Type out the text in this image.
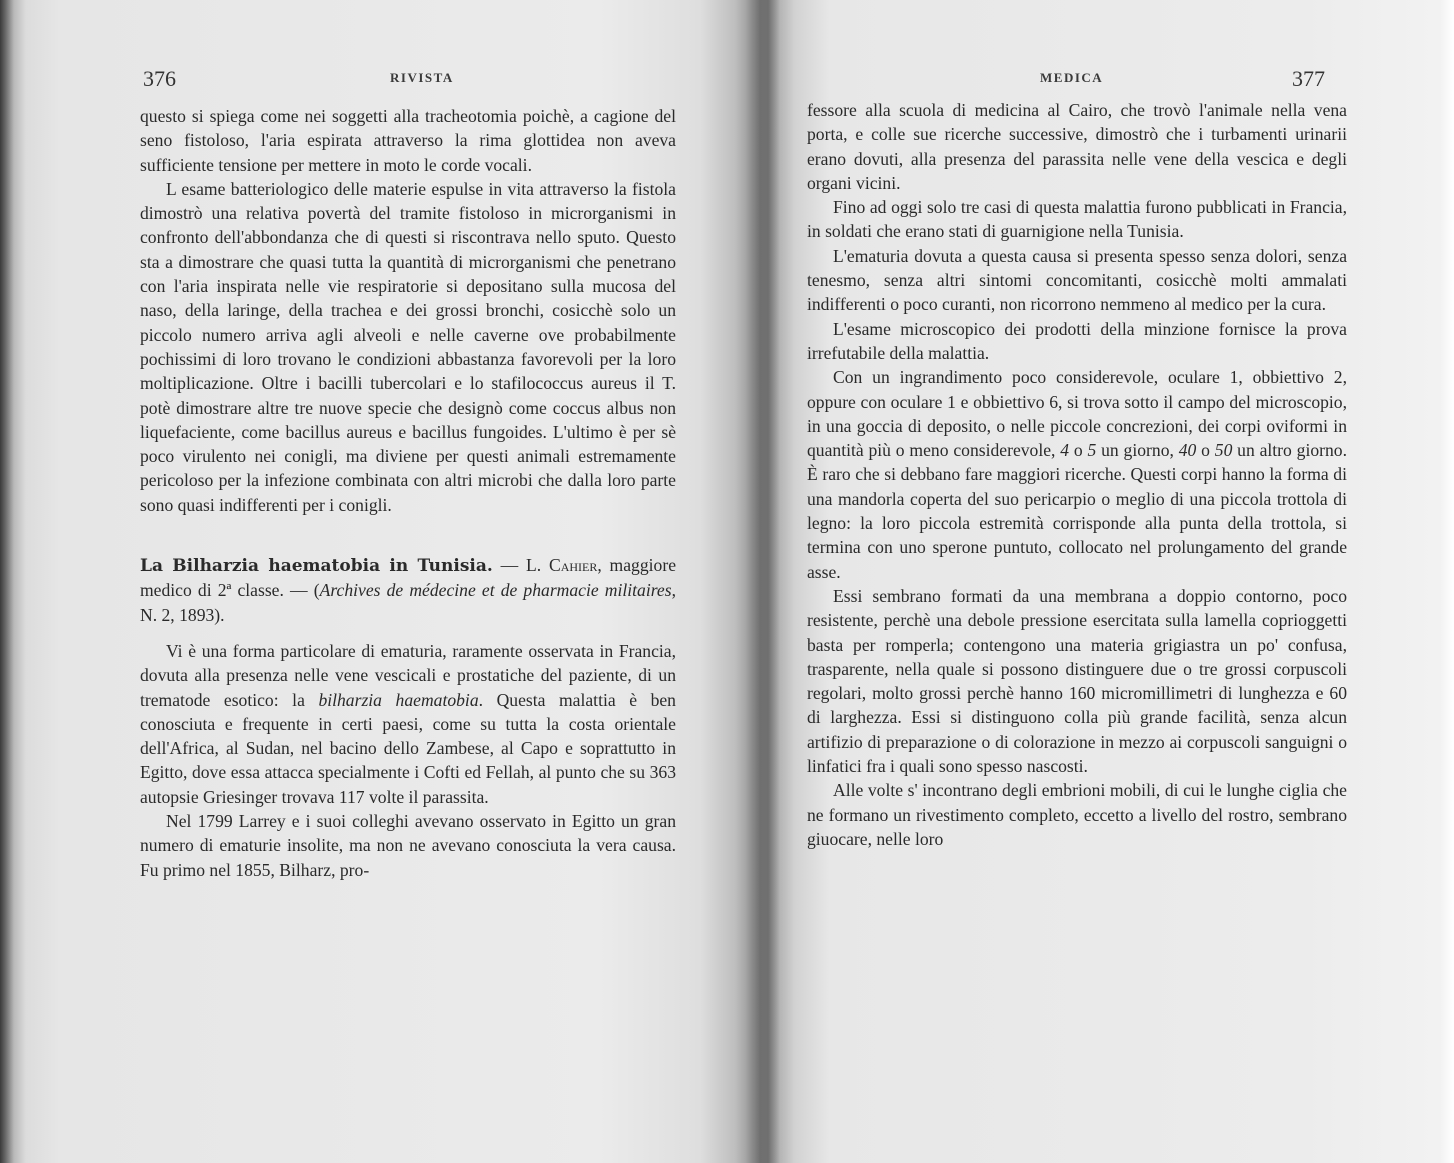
376	RIVISTA

questo si spiega come nei soggetti alla tracheotomia poichè, a cagione del seno fistoloso, l'aria espirata attraverso la rima glottidea non aveva sufficiente tensione per mettere in moto le corde vocali.

L esame batteriologico delle materie espulse in vita attraverso la fistola dimostrò una relativa povertà del tramite fistoloso in microrganismi in confronto dell'abbondanza che di questi si riscontrava nello sputo. Questo sta a dimostrare che quasi tutta la quantità di microrganismi che penetrano con l'aria inspirata nelle vie respiratorie si depositano sulla mucosa del naso, della laringe, della trachea e dei grossi bronchi, cosicchè solo un piccolo numero arriva agli alveoli e nelle caverne ove probabilmente pochissimi di loro trovano le condizioni abbastanza favorevoli per la loro moltiplicazione. Oltre i bacilli tubercolari e lo stafilococcus aureus il T. potè dimostrare altre tre nuove specie che designò come coccus albus non liquefaciente, come bacillus aureus e bacillus fungoides. L'ultimo è per sè poco virulento nei conigli, ma diviene per questi animali estremamente pericoloso per la infezione combinata con altri microbi che dalla loro parte sono quasi indifferenti per i conigli.

La Bilharzia haematobia in Tunisia. — L. Cahier, maggiore medico di 2ª classe. — (Archives de médecine et de pharmacie militaires, N. 2, 1893).

Vi è una forma particolare di ematuria, raramente osservata in Francia, dovuta alla presenza nelle vene vescicali e prostatiche del paziente, di un trematode esotico: la bilharzia haematobia. Questa malattia è ben conosciuta e frequente in certi paesi, come su tutta la costa orientale dell'Africa, al Sudan, nel bacino dello Zambese, al Capo e soprattutto in Egitto, dove essa attacca specialmente i Cofti ed Fellah, al punto che su 363 autopsie Griesinger trovava 117 volte il parassita.

Nel 1799 Larrey e i suoi colleghi avevano osservato in Egitto un gran numero di ematurie insolite, ma non ne avevano conosciuta la vera causa. Fu primo nel 1855, Bilharz, pro-

MEDICA	377

fessore alla scuola di medicina al Cairo, che trovò l'animale nella vena porta, e colle sue ricerche successive, dimostrò che i turbamenti urinarii erano dovuti, alla presenza del parassita nelle vene della vescica e degli organi vicini.

Fino ad oggi solo tre casi di questa malattia furono pubblicati in Francia, in soldati che erano stati di guarnigione nella Tunisia.

L'ematuria dovuta a questa causa si presenta spesso senza dolori, senza tenesmo, senza altri sintomi concomitanti, cosicchè molti ammalati indifferenti o poco curanti, non ricorrono nemmeno al medico per la cura.

L'esame microscopico dei prodotti della minzione fornisce la prova irrefutabile della malattia.

Con un ingrandimento poco considerevole, oculare 1, obbiettivo 2, oppure con oculare 1 e obbiettivo 6, si trova sotto il campo del microscopio, in una goccia di deposito, o nelle piccole concrezioni, dei corpi oviformi in quantità più o meno considerevole, 4 o 5 un giorno, 40 o 50 un altro giorno. È raro che si debbano fare maggiori ricerche. Questi corpi hanno la forma di una mandorla coperta del suo pericarpio o meglio di una piccola trottola di legno: la loro piccola estremità corrisponde alla punta della trottola, si termina con uno sperone puntuto, collocato nel prolungamento del grande asse.

Essi sembrano formati da una membrana a doppio contorno, poco resistente, perchè una debole pressione esercitata sulla lamella coprioggetti basta per romperla; contengono una materia grigiastra un po' confusa, trasparente, nella quale si possono distinguere due o tre grossi corpuscoli regolari, molto grossi perchè hanno 160 micromillimetri di lunghezza e 60 di larghezza. Essi si distinguono colla più grande facilità, senza alcun artifizio di preparazione o di colorazione in mezzo ai corpuscoli sanguigni o linfatici fra i quali sono spesso nascosti.

Alle volte s' incontrano degli embrioni mobili, di cui le lunghe ciglia che ne formano un rivestimento completo, eccetto a livello del rostro, sembrano giuocare, nelle loro
